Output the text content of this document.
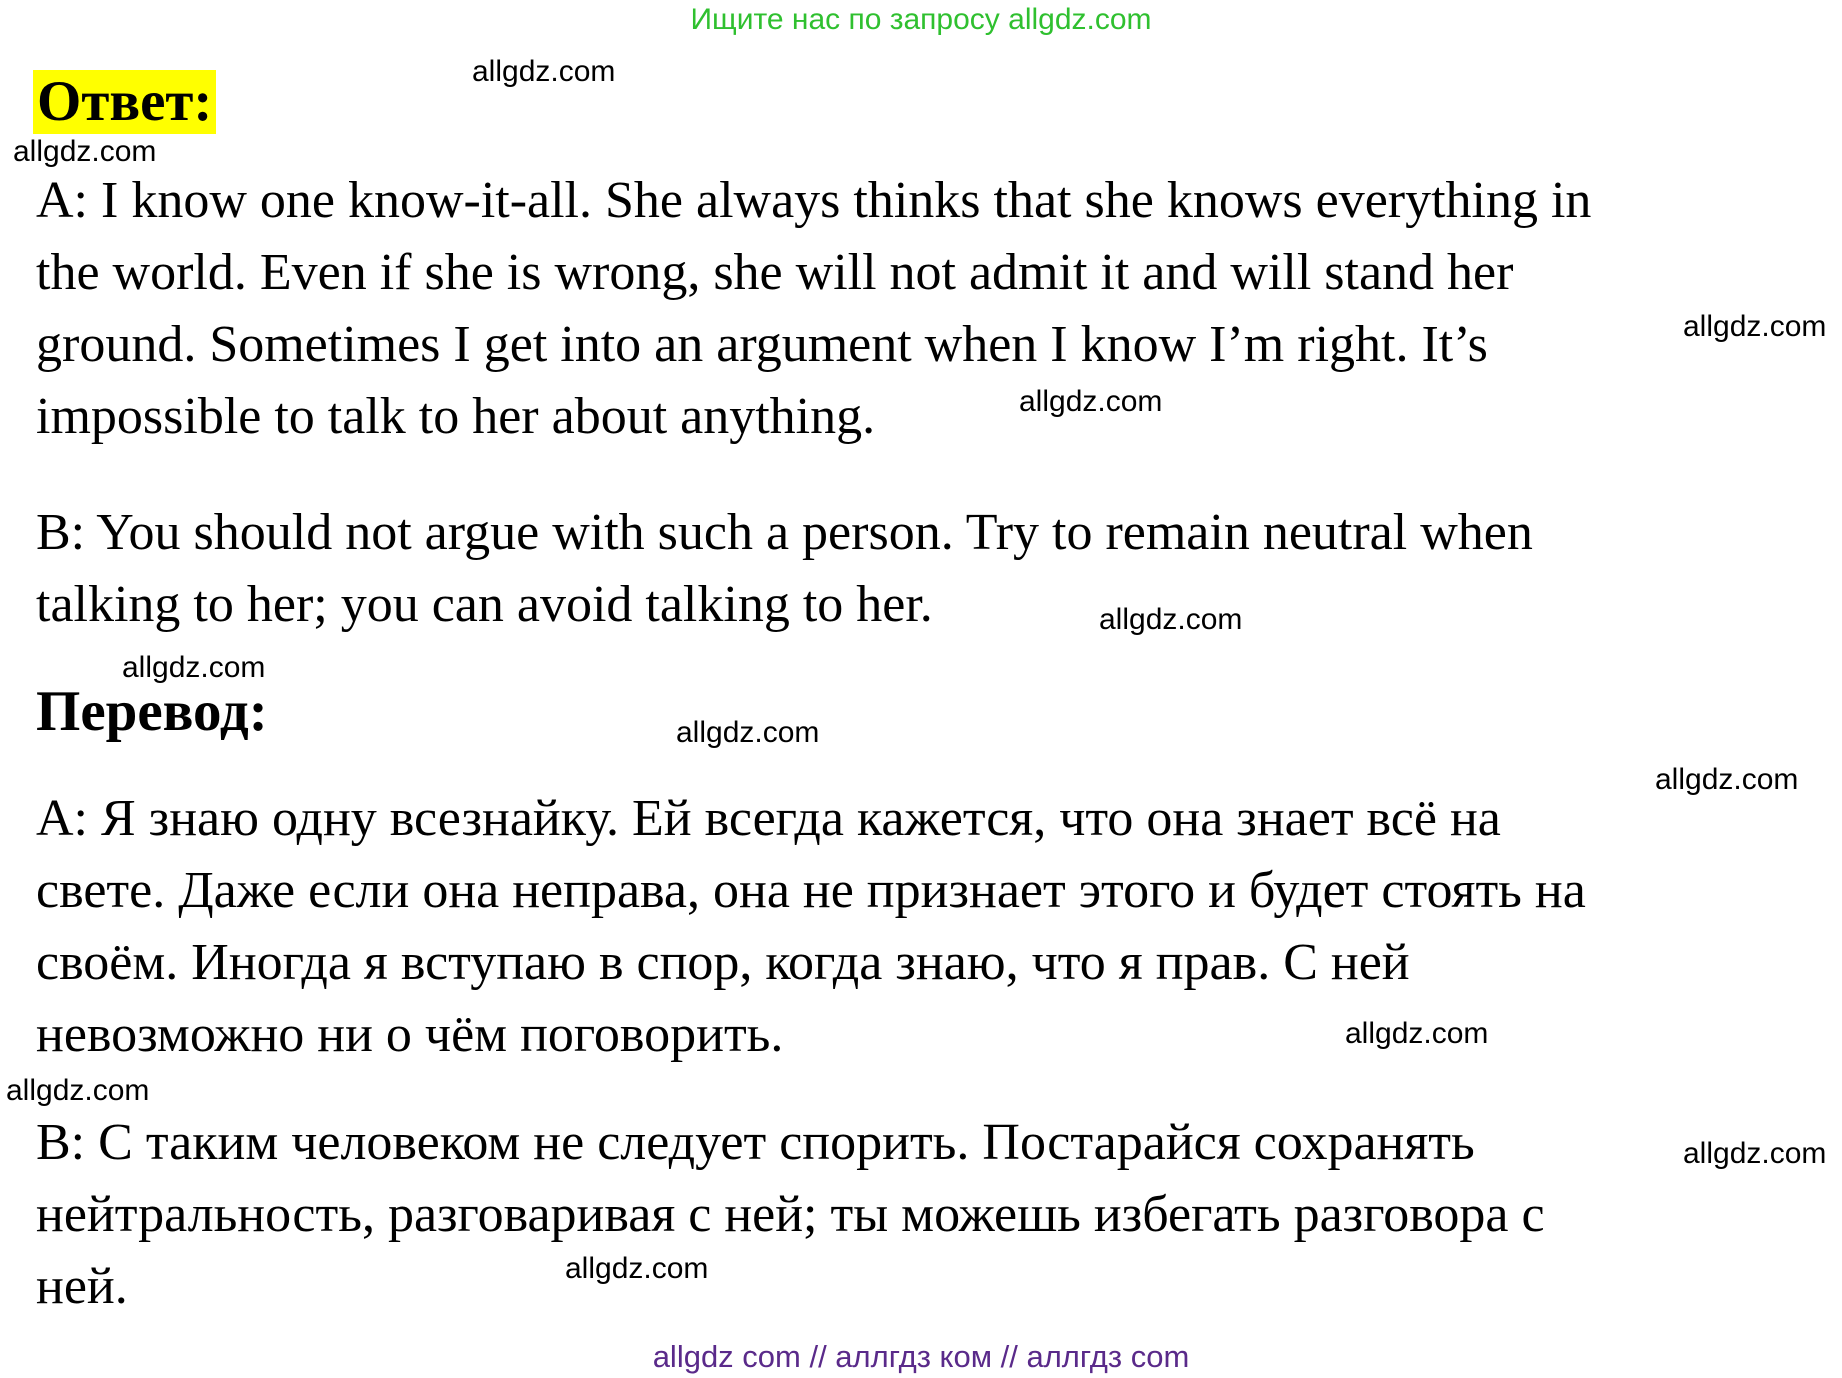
Ищите нас по запросу allgdz.com
Ответ:
A: I know one know-it-all. She always thinks that she knows everything in
the world. Even if she is wrong, she will not admit it and will stand her
ground. Sometimes I get into an argument when I know I’m right. It’s
impossible to talk to her about anything.
B: You should not argue with such a person. Try to remain neutral when
talking to her; you can avoid talking to her.
Перевод:
А: Я знаю одну всезнайку. Ей всегда кажется, что она знает всё на
свете. Даже если она неправа, она не признает этого и будет стоять на
своём. Иногда я вступаю в спор, когда знаю, что я прав. С ней
невозможно ни о чём поговорить.
В: С таким человеком не следует спорить. Постарайся сохранять
нейтральность, разговаривая с ней; ты можешь избегать разговора с
ней.
allgdz.com
allgdz.com
allgdz.com
allgdz.com
allgdz.com
allgdz.com
allgdz.com
allgdz.com
allgdz.com
allgdz.com
allgdz.com
allgdz.com
allgdz com // аллгдз ком // аллгдз com
